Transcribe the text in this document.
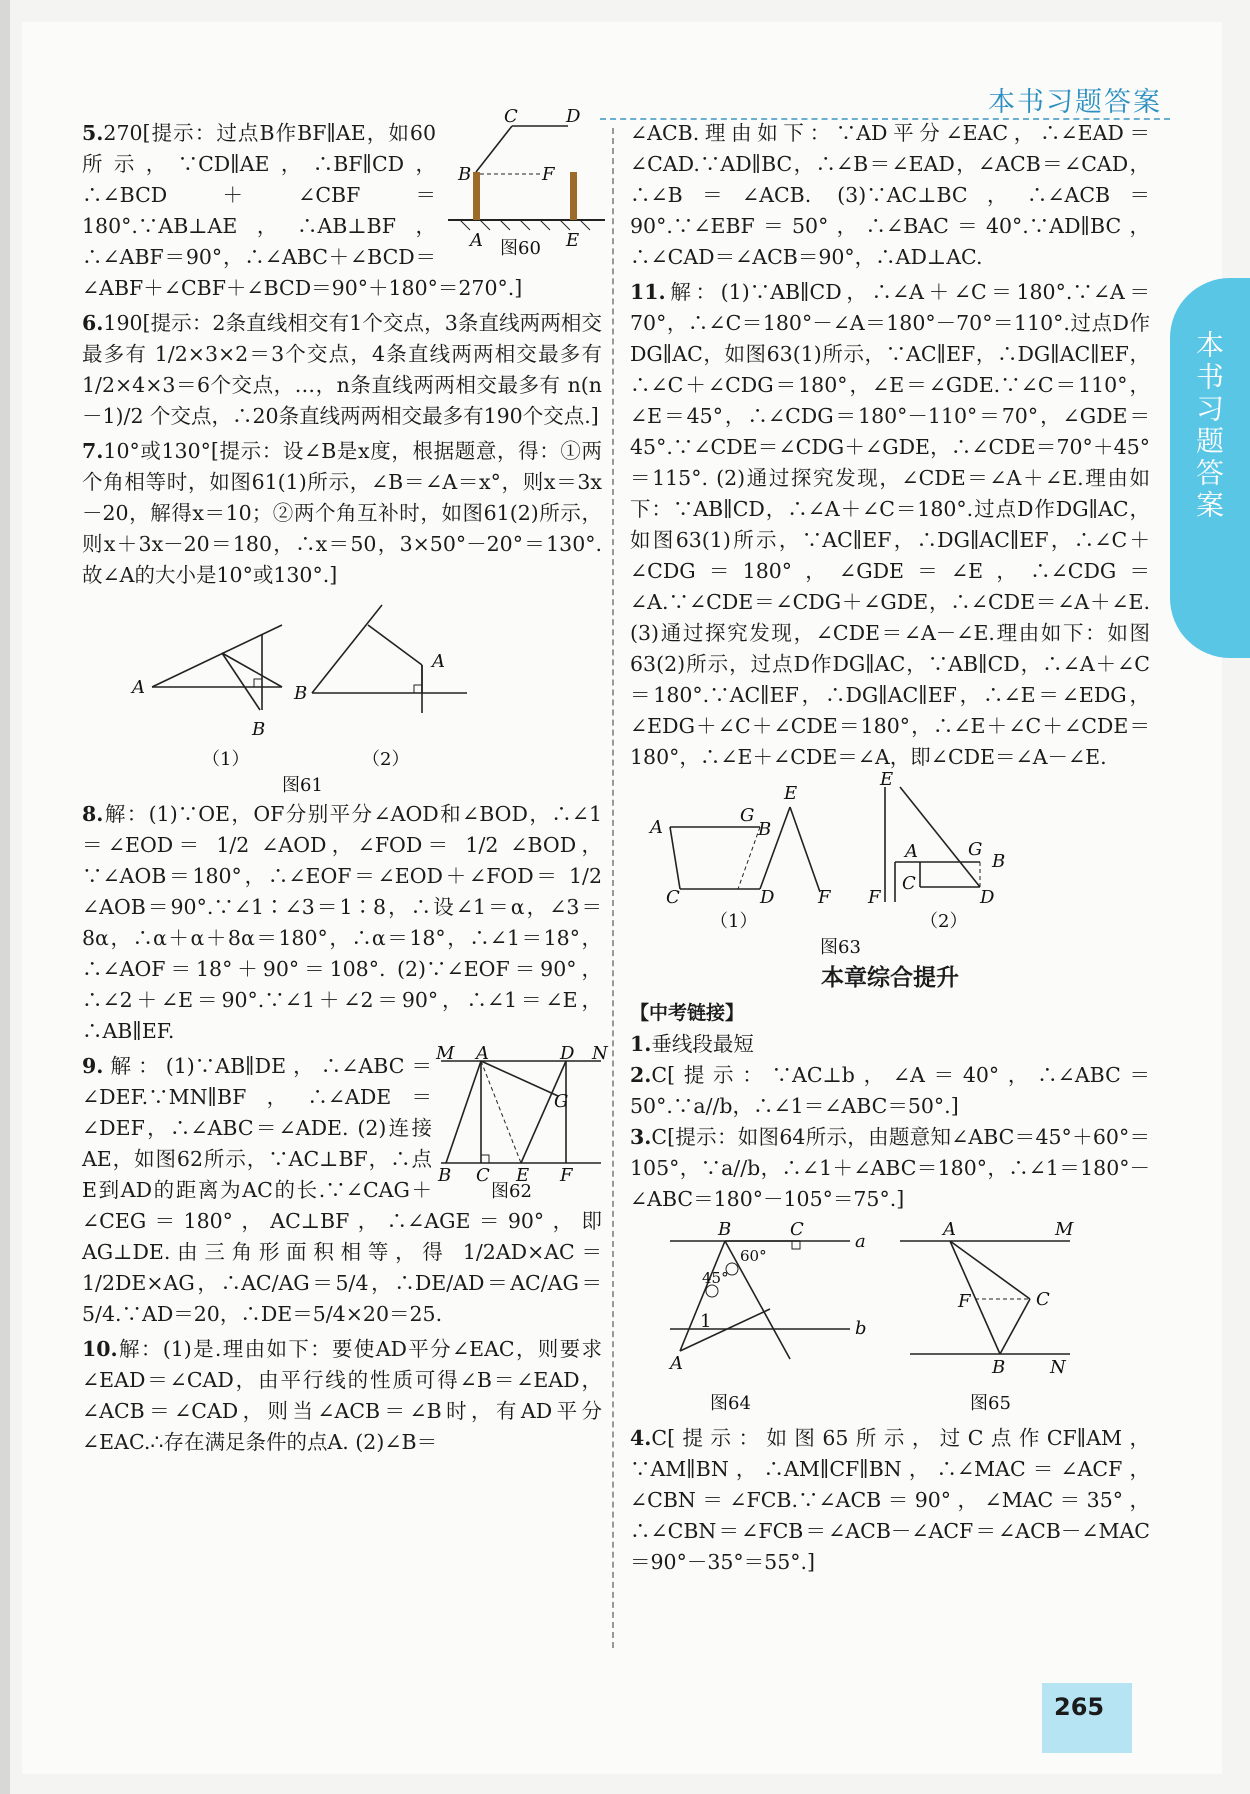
本书习题答案
本书习题答案
C	D
B	F
A	E
图60

5.270[提示：过点B作BF∥AE，如60所示，∵CD∥AE，∴BF∥CD，∴∠BCD＋∠CBF＝180°.∵AB⊥AE，∴AB⊥BF，∴∠ABF＝90°，∴∠ABC＋∠BCD＝∠ABF＋∠CBF＋∠BCD＝90°＋180°＝270°.]

6.190[提示：2条直线相交有1个交点，3条直线两两相交最多有 1/2×3×2＝3个交点，4条直线两两相交最多有 1/2×4×3＝6个交点，…，n条直线两两相交最多有 n(n－1)/2 个交点，∴20条直线两两相交最多有190个交点.]

7.10°或130°[提示：设∠B是x度，根据题意，得：①两个角相等时，如图61(1)所示，∠B＝∠A＝x°，则x＝3x－20，解得x＝10；②两个角互补时，如图61(2)所示，则x＋3x－20＝180，∴x＝50，3×50°－20°＝130°.故∠A的大小是10°或130°.]

A
B
B
A
（1）	（2）
图61

8.解：(1)∵OE，OF分别平分∠AOD和∠BOD，∴∠1＝∠EOD＝ 1/2 ∠AOD，∠FOD＝ 1/2 ∠BOD，∵∠AOB＝180°，∴∠EOF＝∠EOD＋∠FOD＝ 1/2 ∠AOB＝90°.∵∠1∶∠3＝1∶8，∴设∠1＝α，∠3＝8α，∴α＋α＋8α＝180°，∴α＝18°，∴∠1＝18°，∴∠AOF＝18°＋90°＝108°. (2)∵∠EOF＝90°，∴∠2＋∠E＝90°.∵∠1＋∠2＝90°，∴∠1＝∠E，∴AB∥EF.

M A	D N
G
B C E F
图62

9.解：(1)∵AB∥DE，∴∠ABC＝∠DEF.∵MN∥BF，∴∠ADE＝∠DEF，∴∠ABC＝∠ADE. (2)连接AE，如图62所示，∵AC⊥BF，∴点E到AD的距离为AC的长.∵∠CAG＋∠CEG＝180°，AC⊥BF，∴∠AGE＝90°，即AG⊥DE.由三角形面积相等，得 1/2AD×AC＝1/2DE×AG，∴AC/AG＝5/4，∴DE/AD＝AC/AG＝5/4.∵AD＝20，∴DE＝5/4×20＝25.

10.解：(1)是.理由如下：要使AD平分∠EAC，则要求∠EAD＝∠CAD，由平行线的性质可得∠B＝∠EAD，∠ACB＝∠CAD，则当∠ACB＝∠B时，有AD平分∠EAC.∴存在满足条件的点A. (2)∠B＝

∠ACB.理由如下：∵AD平分∠EAC，∴∠EAD＝∠CAD.∵AD∥BC，∴∠B＝∠EAD，∠ACB＝∠CAD，∴∠B＝∠ACB. (3)∵AC⊥BC，∴∠ACB＝90°.∵∠EBF＝50°，∴∠BAC＝40°.∵AD∥BC，∴∠CAD＝∠ACB＝90°，∴AD⊥AC.

11.解：(1)∵AB∥CD，∴∠A＋∠C＝180°.∵∠A＝70°，∴∠C＝180°－∠A＝180°－70°＝110°.过点D作DG∥AC，如图63(1)所示，∵AC∥EF，∴DG∥AC∥EF，∴∠C＋∠CDG＝180°，∠E＝∠GDE.∵∠C＝110°，∠E＝45°，∴∠CDG＝180°－110°＝70°，∠GDE＝45°.∵∠CDE＝∠CDG＋∠GDE，∴∠CDE＝70°＋45°＝115°. (2)通过探究发现，∠CDE＝∠A＋∠E.理由如下：∵AB∥CD，∴∠A＋∠C＝180°.过点D作DG∥AC，如图63(1)所示，∵AC∥EF，∴DG∥AC∥EF，∴∠C＋∠CDG＝180°，∠GDE＝∠E，∴∠CDG＝∠A.∵∠CDE＝∠CDG＋∠GDE，∴∠CDE＝∠A＋∠E. (3)通过探究发现，∠CDE＝∠A－∠E.理由如下：如图63(2)所示，过点D作DG∥AC，∵AB∥CD，∴∠A＋∠C＝180°.∵AC∥EF，∴DG∥AC∥EF，∴∠E＝∠EDG，∠EDG＋∠C＋∠CDE＝180°，∴∠E＋∠C＋∠CDE＝180°，∴∠E＋∠CDE＝∠A，即∠CDE＝∠A－∠E.

A
G
B
E
C	D F
E
A	G
B
F
C
D
（1）	（2）
图63
本章综合提升

【中考链接】

1.垂线段最短

2.C[提示：∵AC⊥b，∠A＝40°，∴∠ABC＝50°.∵a//b，∴∠1＝∠ABC＝50°.]

3.C[提示：如图64所示，由题意知∠ABC＝45°＋60°＝105°，∵a//b，∴∠1＋∠ABC＝180°，∴∠1＝180°－∠ABC＝180°－105°＝75°.]

B	C
a
b
A
1
60°
45°
图64
A	M
F	C
B N
图65

4.C[提示：如图65所示，过C点作CF∥AM，∵AM∥BN，∴AM∥CF∥BN，∴∠MAC＝∠ACF，∠CBN＝∠FCB.∵∠ACB＝90°，∠MAC＝35°，∴∠CBN＝∠FCB＝∠ACB－∠ACF＝∠ACB－∠MAC＝90°－35°＝55°.]

265
